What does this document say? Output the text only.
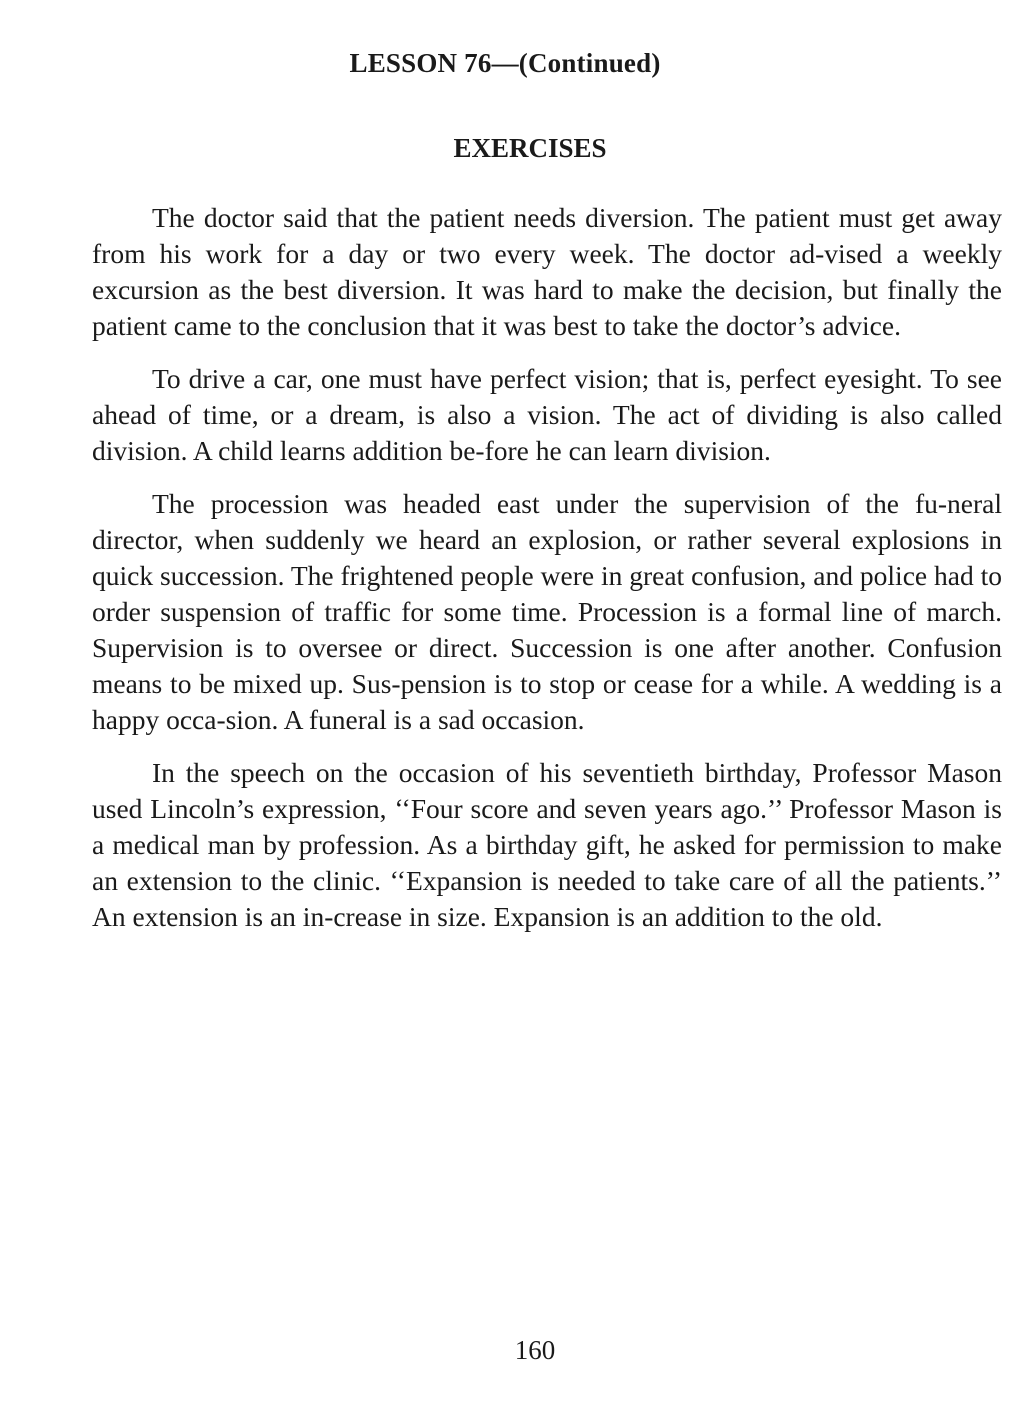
LESSON 76—(Continued)
EXERCISES

The doctor said that the patient needs diversion. The patient must get away from his work for a day or two every week. The doctor ad-vised a weekly excursion as the best diversion. It was hard to make the decision, but finally the patient came to the conclusion that it was best to take the doctor’s advice.

To drive a car, one must have perfect vision; that is, perfect eyesight. To see ahead of time, or a dream, is also a vision. The act of dividing is also called division. A child learns addition be-fore he can learn division.

The procession was headed east under the supervision of the fu-neral director, when suddenly we heard an explosion, or rather several explosions in quick succession. The frightened people were in great confusion, and police had to order suspension of traffic for some time. Procession is a formal line of march. Supervision is to oversee or direct. Succession is one after another. Confusion means to be mixed up. Sus-pension is to stop or cease for a while. A wedding is a happy occa-sion. A funeral is a sad occasion.

In the speech on the occasion of his seventieth birthday, Professor Mason used Lincoln’s expression, ‘‘Four score and seven years ago.’’ Professor Mason is a medical man by profession. As a birthday gift, he asked for permission to make an extension to the clinic. ‘‘Expansion is needed to take care of all the patients.’’ An extension is an in-crease in size. Expansion is an addition to the old.

160
